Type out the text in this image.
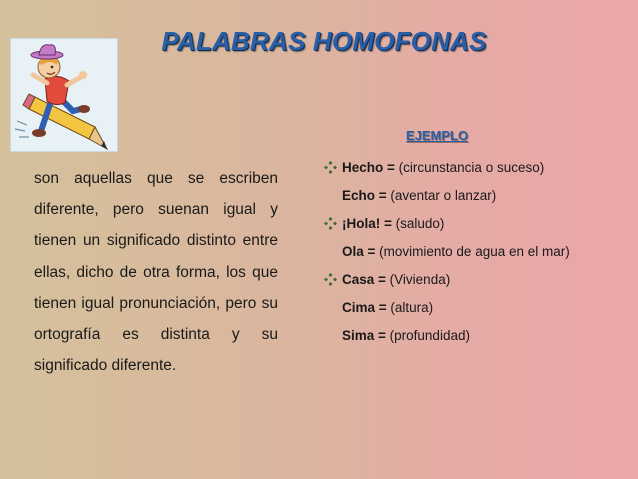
PALABRAS HOMOFONAS
son aquellas que se escriben diferente, pero suenan igual y tienen un significado distinto entre ellas, dicho de otra forma, los que tienen igual pronunciación, pero su ortografía es distinta y su significado diferente.
EJEMPLO
Hecho = (circunstancia o suceso)
Echo = (aventar o lanzar)
¡Hola! = (saludo)
Ola = (movimiento de agua en el mar)
Casa = (Vivienda)
Cima = (altura)
Sima = (profundidad)
